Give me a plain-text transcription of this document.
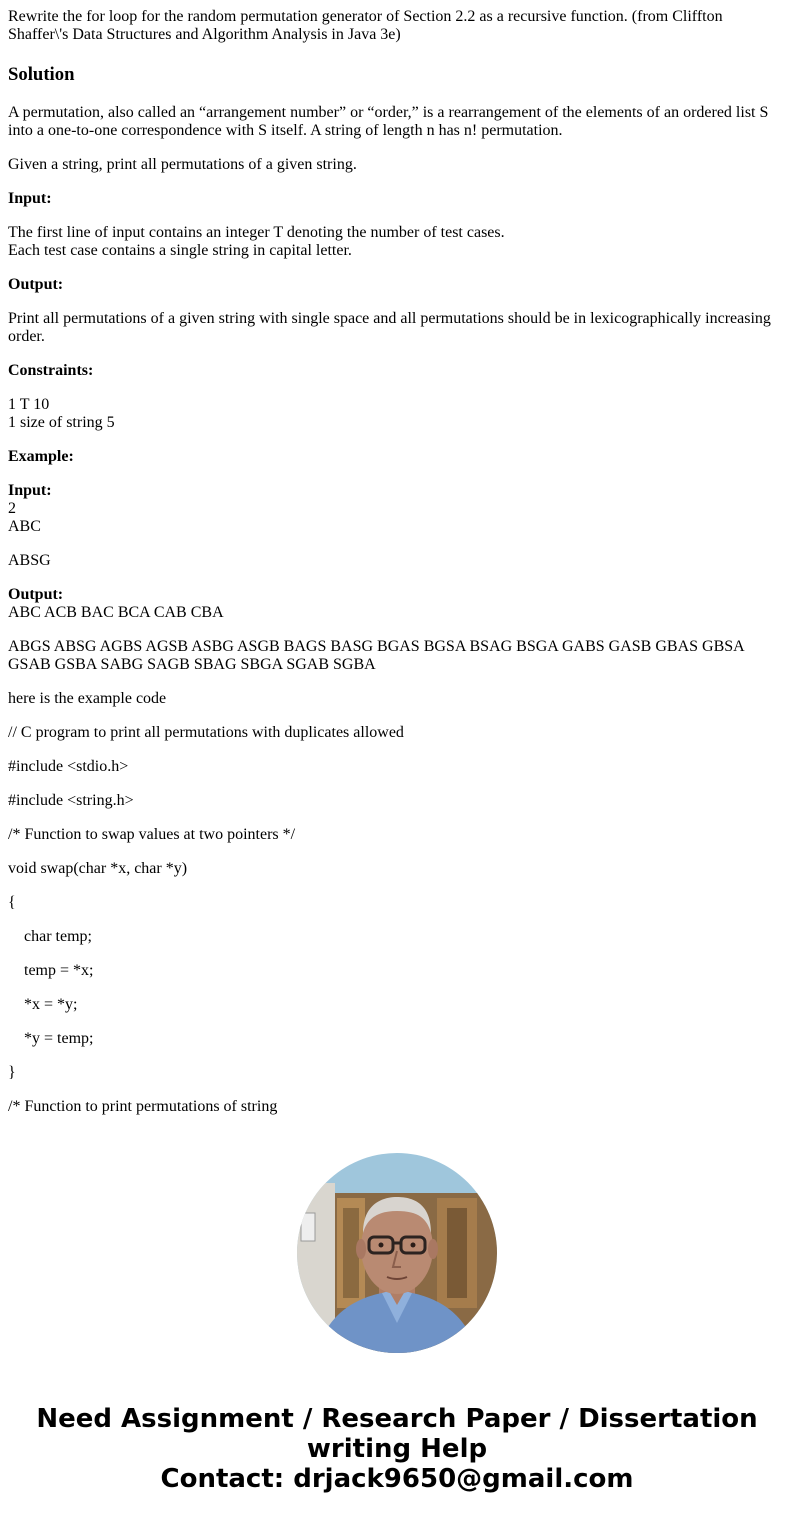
Rewrite the for loop for the random permutation generator of Section 2.2 as a recursive function. (from Cliffton Shaffer\'s Data Structures and Algorithm Analysis in Java 3e)

Solution

A permutation, also called an “arrangement number” or “order,” is a rearrangement of the elements of an ordered list S into a one-to-one correspondence with S itself. A string of length n has n! permutation.

Given a string, print all permutations of a given string.

Input:

The first line of input contains an integer T denoting the number of test cases.
Each test case contains a single string in capital letter.

Output:

Print all permutations of a given string with single space and all permutations should be in lexicographically increasing order.

Constraints:

1 T 10
1 size of string 5

Example:

Input:
2
ABC

ABSG

Output:
ABC ACB BAC BCA CAB CBA

ABGS ABSG AGBS AGSB ASBG ASGB BAGS BASG BGAS BGSA BSAG BSGA GABS GASB GBAS GBSA GSAB GSBA SABG SAGB SBAG SBGA SGAB SGBA

here is the example code

// C program to print all permutations with duplicates allowed

#include <stdio.h>

#include <string.h>

/* Function to swap values at two pointers */

void swap(char *x, char *y)

{

char temp;

temp = *x;

*x = *y;

*y = temp;

}

/* Function to print permutations of string

Need Assignment / Research Paper / Dissertation
writing Help
Contact: drjack9650@gmail.com
